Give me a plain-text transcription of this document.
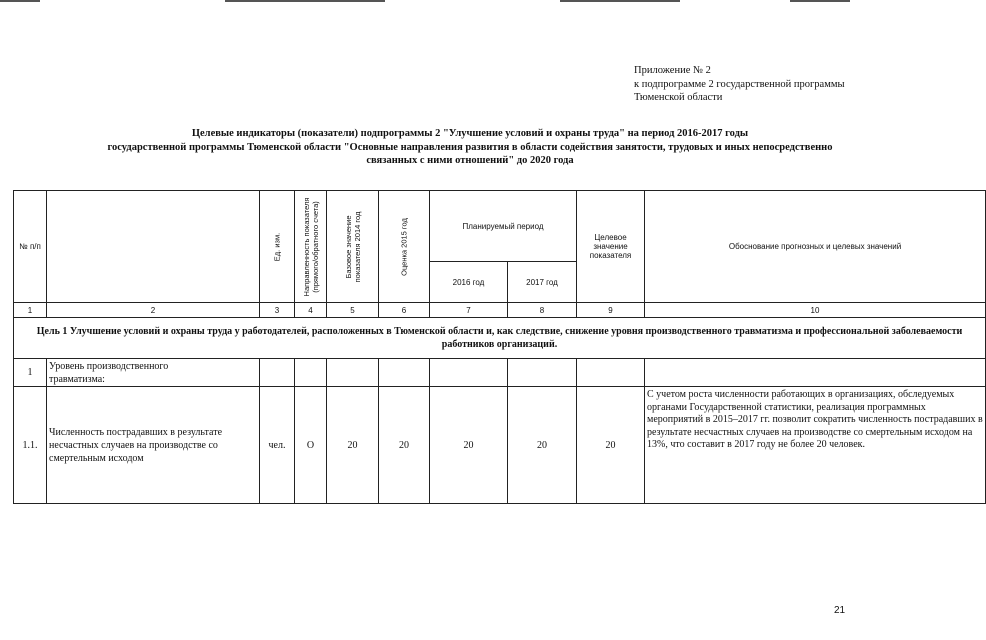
Приложение № 2
к подпрограмме 2 государственной программы
Тюменской области
Целевые индикаторы (показатели) подпрограммы 2 "Улучшение условий и охраны труда" на период 2016-2017 годы
государственной программы Тюменской области "Основные направления развития в области содействия занятости, трудовых и иных непосредственно
связанных с ними отношений" до 2020 года
№ п/п		Ед. изм.	Направленность показателя (прямого/обратного счета)	Базовое значение показателя 2014 год	Оценка 2015 год	Планируемый период		Целевое значение показателя	Обоснование прогнозных и целевых значений
						2016 год	2017 год		
1	2	3	4	5	6	7	8	9	10
Цель 1 Улучшение условий и охраны труда у работодателей, расположенных в Тюменской области и, как следствие, снижение уровня производственного травматизма и профессиональной заболеваемости работников организаций.									
1	Уровень производственного травматизма:								
1.1.	Численность пострадавших в результате несчастных случаев на производстве со смертельным исходом	чел.	О	20	20	20	20	20	С учетом роста численности работающих в организациях, обследуемых органами Государственной статистики, реализация программных мероприятий в 2015–2017 гг. позволит сократить численность пострадавших в результате несчастных случаев на производстве со смертельным исходом на 13%, что составит в 2017 году не более 20 человек.
21
